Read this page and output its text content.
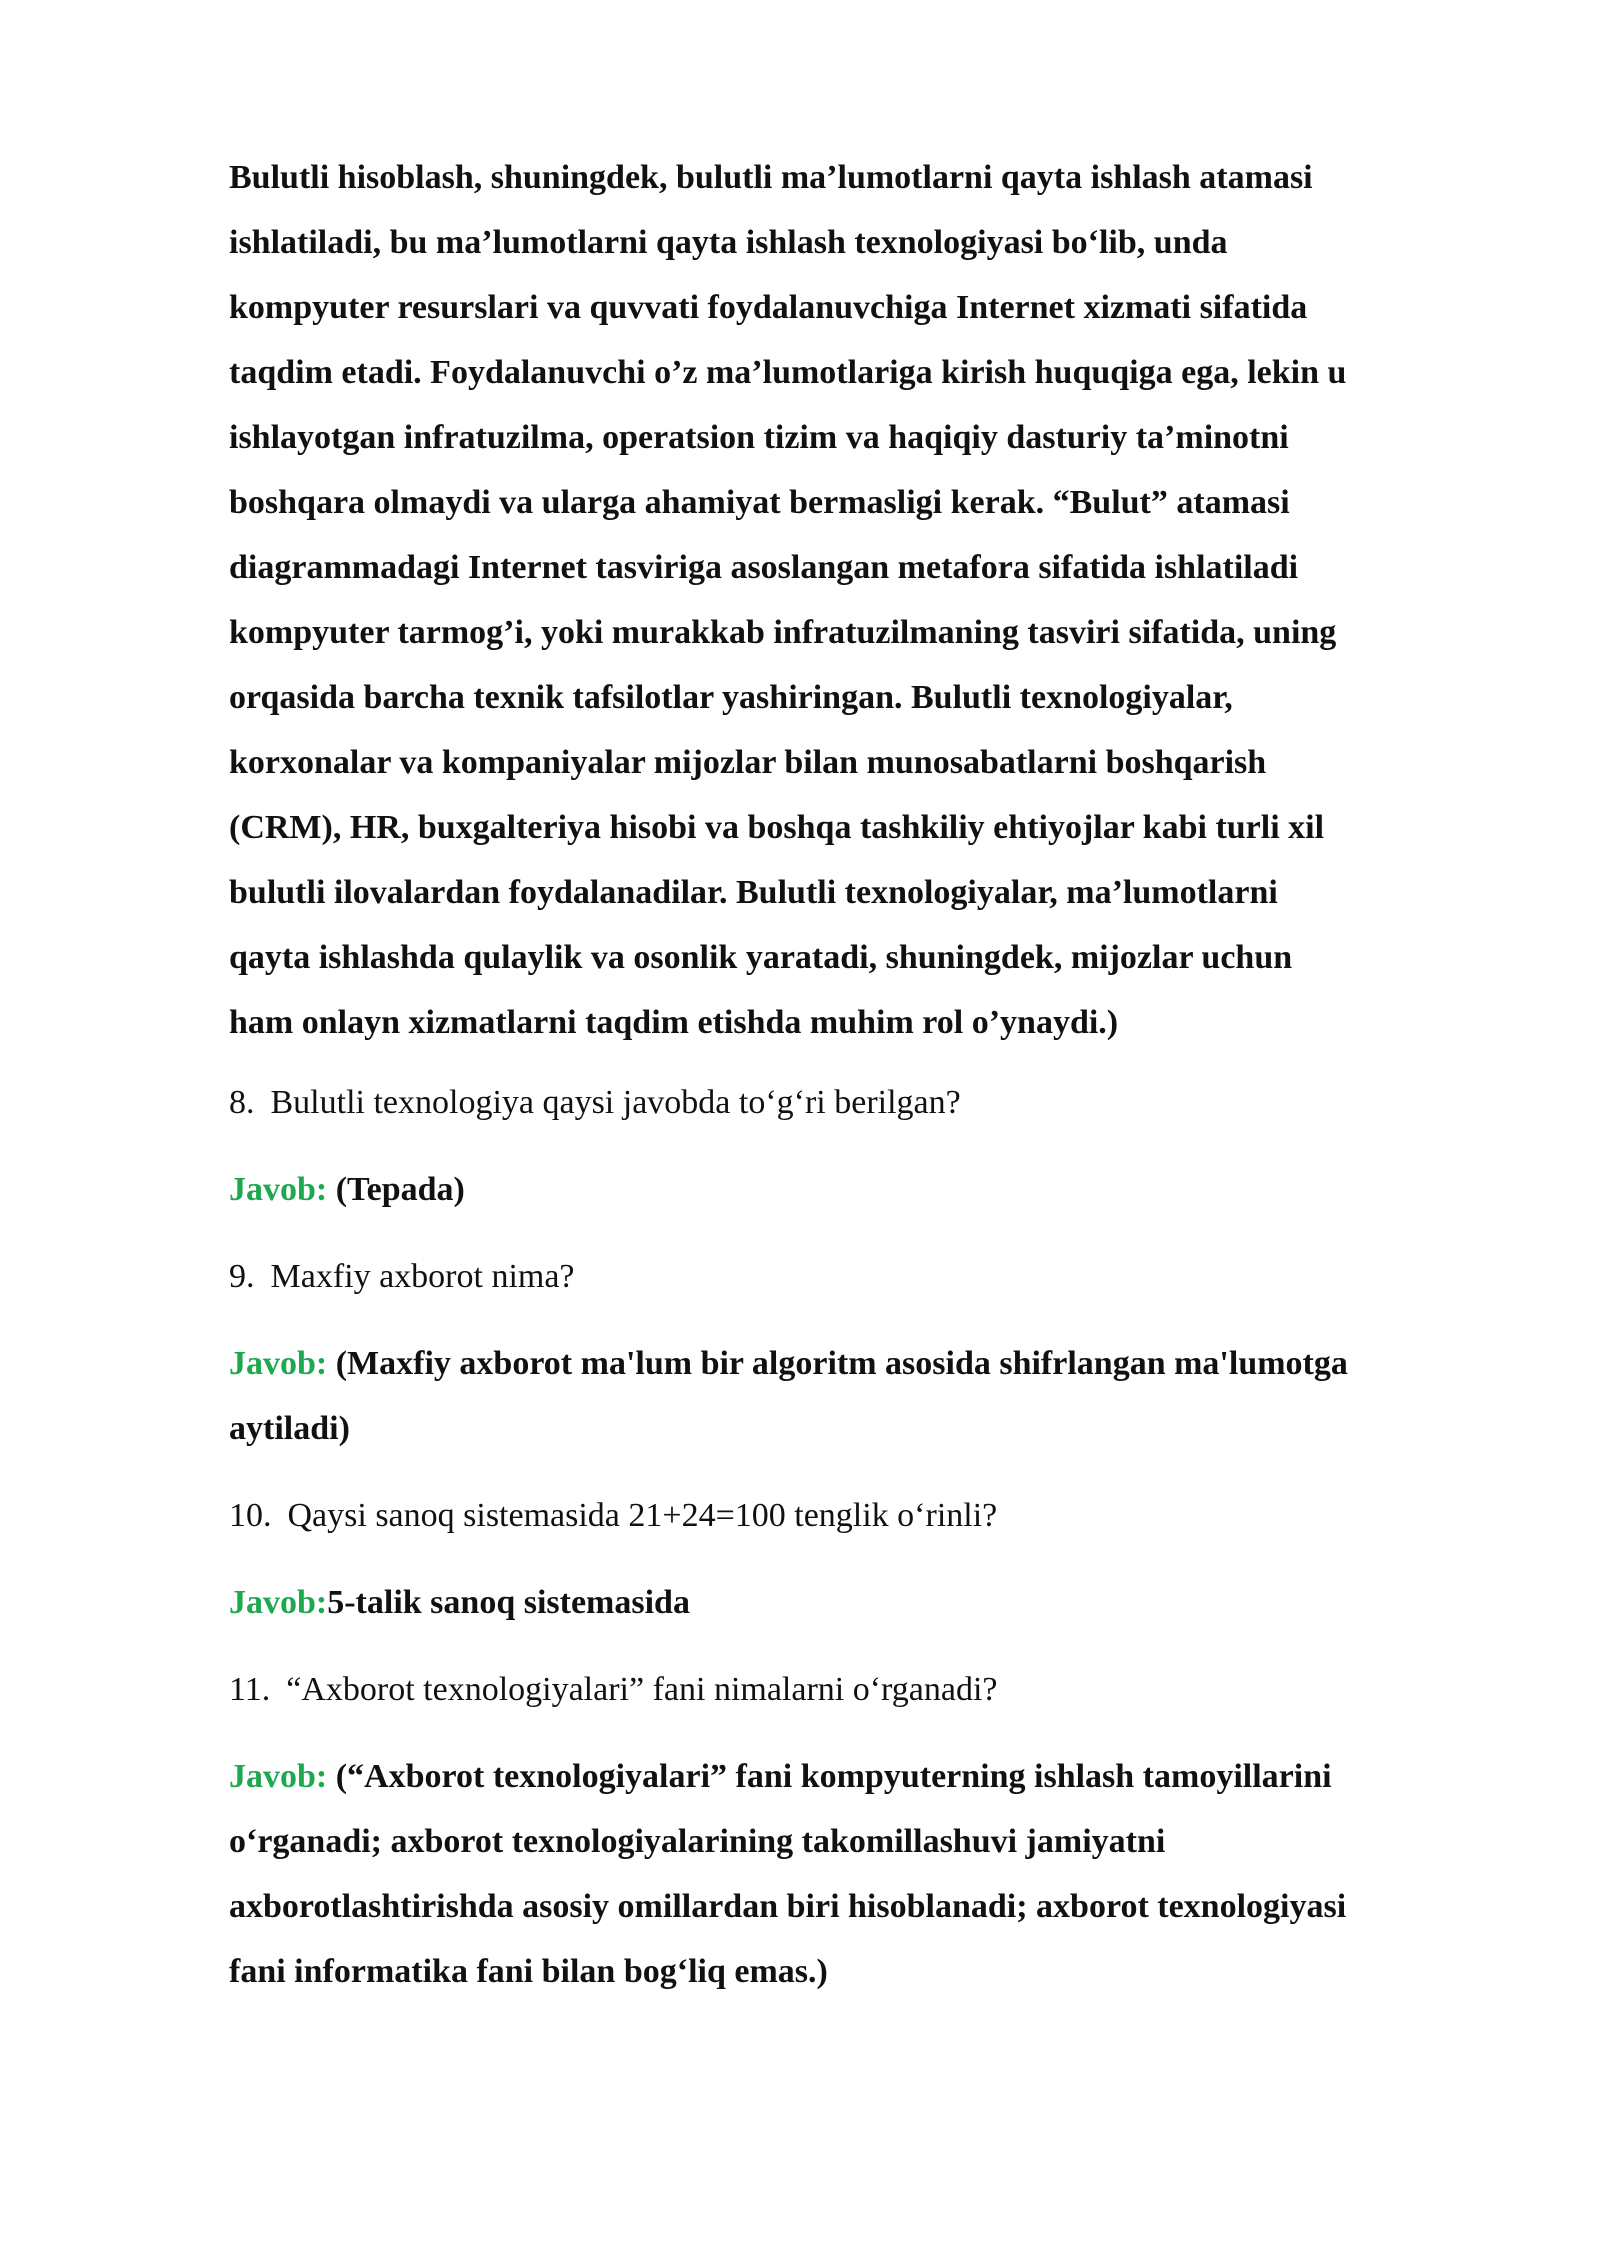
Bulutli hisoblash, shuningdek, bulutli ma’lumotlarni qayta ishlash atamasi
ishlatiladi, bu ma’lumotlarni qayta ishlash texnologiyasi bo‘lib, unda
kompyuter resurslari va quvvati foydalanuvchiga Internet xizmati sifatida
taqdim etadi. Foydalanuvchi o’z ma’lumotlariga kirish huquqiga ega, lekin u
ishlayotgan infratuzilma, operatsion tizim va haqiqiy dasturiy ta’minotni
boshqara olmaydi va ularga ahamiyat bermasligi kerak. “Bulut” atamasi
diagrammadagi Internet tasviriga asoslangan metafora sifatida ishlatiladi
kompyuter tarmog’i, yoki murakkab infratuzilmaning tasviri sifatida, uning
orqasida barcha texnik tafsilotlar yashiringan. Bulutli texnologiyalar,
korxonalar va kompaniyalar mijozlar bilan munosabatlarni boshqarish
(CRM), HR, buxgalteriya hisobi va boshqa tashkiliy ehtiyojlar kabi turli xil
bulutli ilovalardan foydalanadilar. Bulutli texnologiyalar, ma’lumotlarni
qayta ishlashda qulaylik va osonlik yaratadi, shuningdek, mijozlar uchun
ham onlayn xizmatlarni taqdim etishda muhim rol o’ynaydi.)
8. Bulutli texnologiya qaysi javobda to‘g‘ri berilgan?
Javob: (Tepada)
9. Maxfiy axborot nima?
Javob: (Maxfiy axborot ma'lum bir algoritm asosida shifrlangan ma'lumotga
aytiladi)
10. Qaysi sanoq sistemasida 21+24=100 tenglik o‘rinli?
Javob:5-talik sanoq sistemasida
11. “Axborot texnologiyalari” fani nimalarni o‘rganadi?
Javob: (“Axborot texnologiyalari” fani kompyuterning ishlash tamoyillarini
o‘rganadi; axborot texnologiyalarining takomillashuvi jamiyatni
axborotlashtirishda asosiy omillardan biri hisoblanadi; axborot texnologiyasi
fani informatika fani bilan bog‘liq emas.)
